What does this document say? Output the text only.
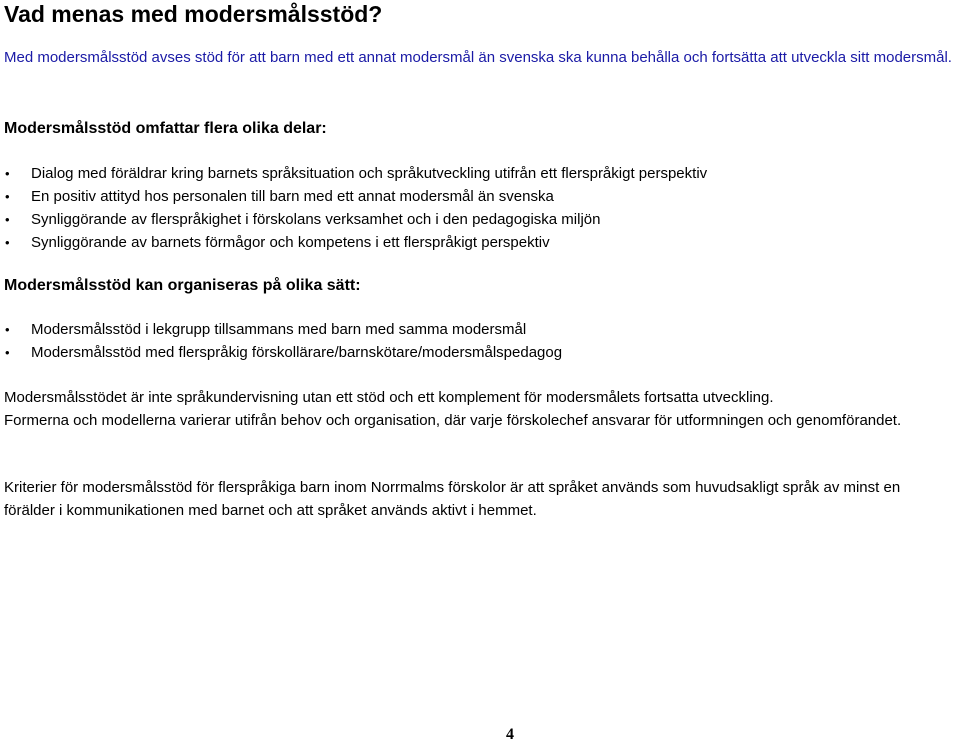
Vad menas med modersmålsstöd?

Med modersmålsstöd avses stöd för att barn med ett annat modersmål än svenska ska kunna behålla och fortsätta att utveckla sitt modersmål.

Modersmålsstöd omfattar flera olika delar:
• Dialog med föräldrar kring barnets språksituation och språkutveckling utifrån ett flerspråkigt perspektiv
• En positiv attityd hos personalen till barn med ett annat modersmål än svenska
• Synliggörande av flerspråkighet i förskolans verksamhet och i den pedagogiska miljön
• Synliggörande av barnets förmågor och kompetens i ett flerspråkigt perspektiv
Modersmålsstöd kan organiseras på olika sätt:
• Modersmålsstöd i lekgrupp tillsammans med barn med samma modersmål
• Modersmålsstöd med flerspråkig förskollärare/barnskötare/modersmålspedagog

Modersmålsstödet är inte språkundervisning utan ett stöd och ett komplement för modersmålets fortsatta utveckling.

Formerna och modellerna varierar utifrån behov och organisation, där varje förskolechef ansvarar för utformningen och genomförandet.

Kriterier för modersmålsstöd för flerspråkiga barn inom Norrmalms förskolor är att språket används som huvudsakligt språk av minst en förälder i kommunikationen med barnet och att språket används aktivt i hemmet.

4
